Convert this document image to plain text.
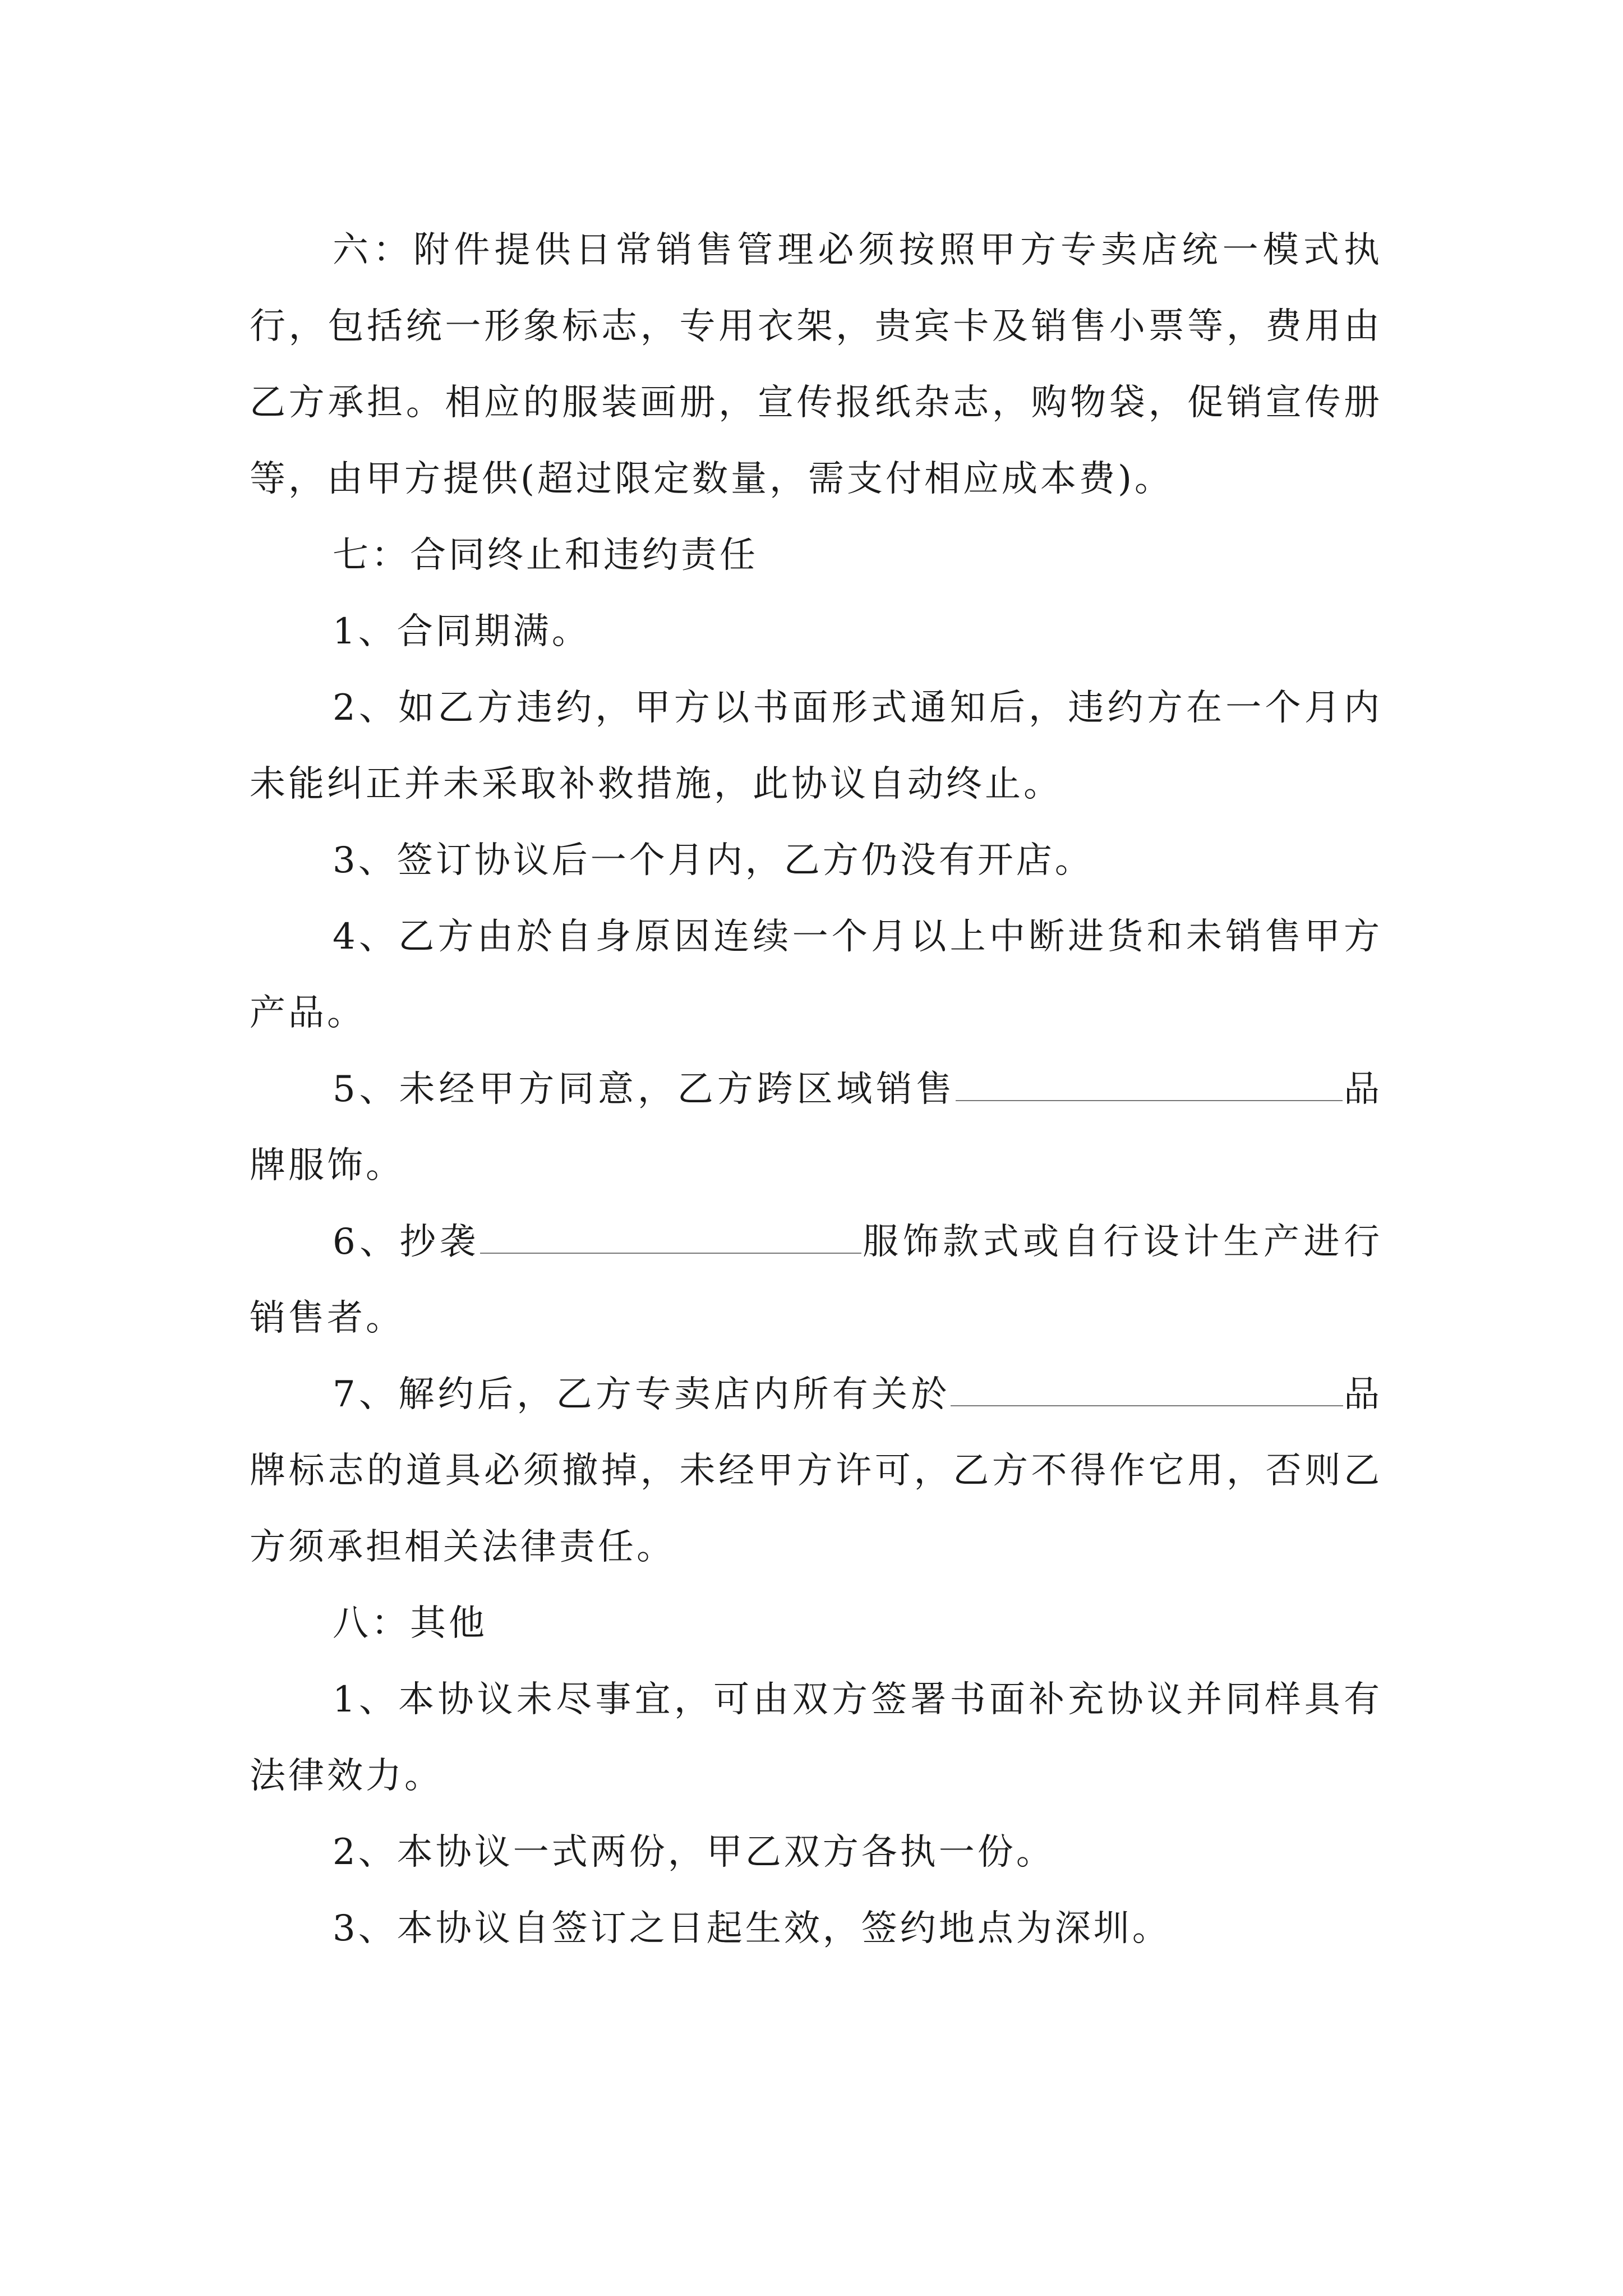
六：附件提供日常销售管理必须按照甲方专卖店统一模式执行，包括统一形象标志，专用衣架，贵宾卡及销售小票等，费用由乙方承担。相应的服装画册，宣传报纸杂志，购物袋，促销宣传册等，由甲方提供(超过限定数量，需支付相应成本费)。

七：合同终止和违约责任

1、合同期满。

2、如乙方违约，甲方以书面形式通知后，违约方在一个月内未能纠正并未采取补救措施，此协议自动终止。

3、签订协议后一个月内，乙方仍没有开店。

4、乙方由於自身原因连续一个月以上中断进货和未销售甲方产品。

5、未经甲方同意，乙方跨区域销售	品牌服饰。

6、抄袭	服饰款式或自行设计生产进行销售者。

7、解约后，乙方专卖店内所有关於	品牌标志的道具必须撤掉，未经甲方许可，乙方不得作它用，否则乙方须承担相关法律责任。

八：其他

1、本协议未尽事宜，可由双方签署书面补充协议并同样具有法律效力。

2、本协议一式两份，甲乙双方各执一份。

3、本协议自签订之日起生效，签约地点为深圳。
